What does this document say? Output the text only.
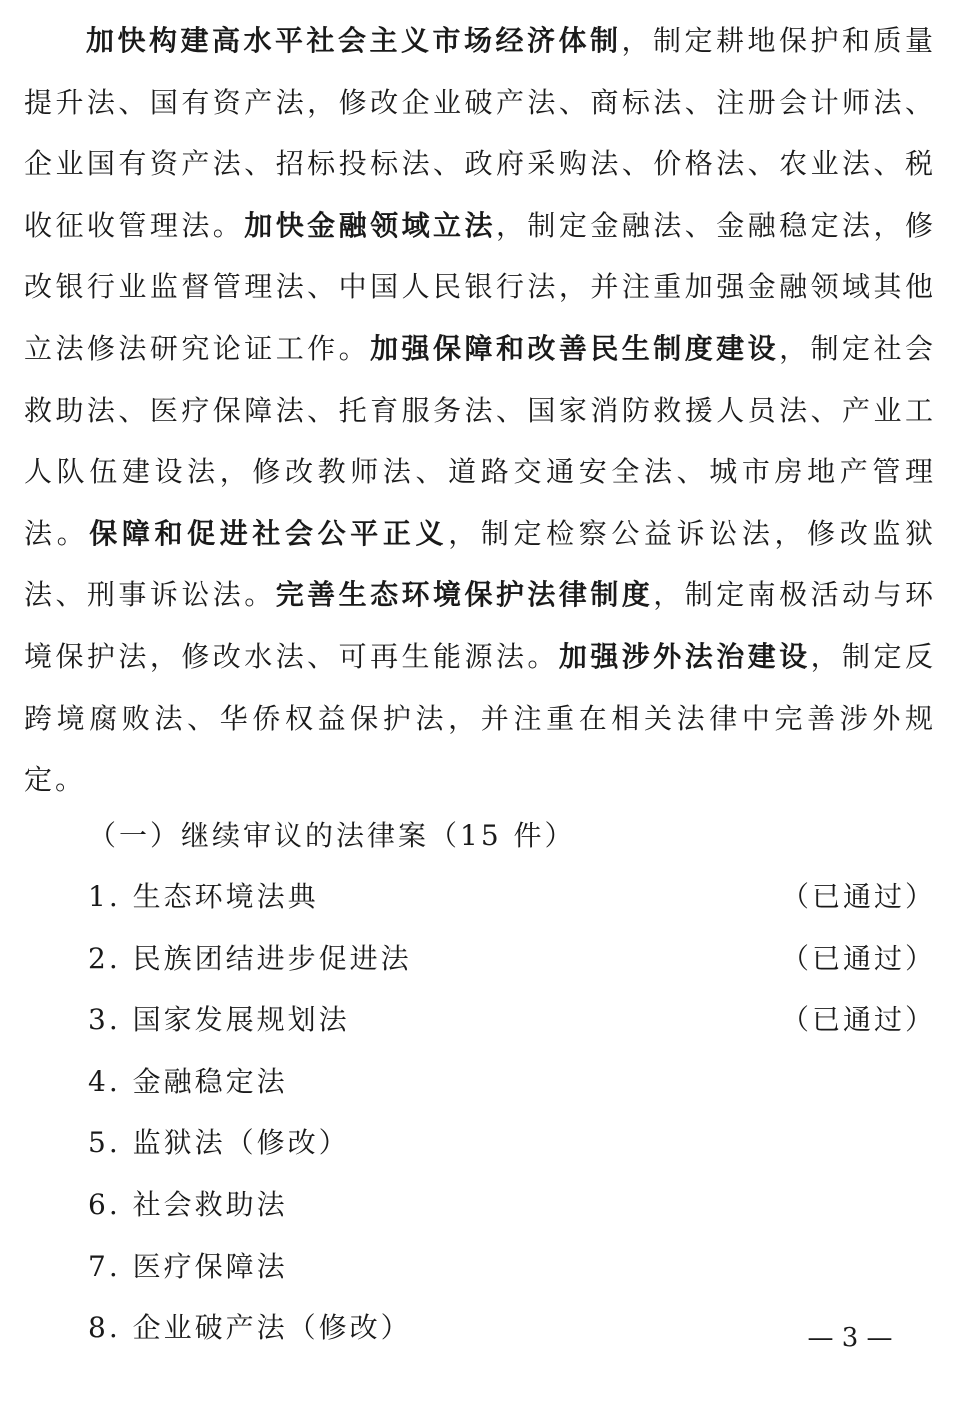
加快构建高水平社会主义市场经济体制，制定耕地保护和质量提升法、国有资产法，修改企业破产法、商标法、注册会计师法、企业国有资产法、招标投标法、政府采购法、价格法、农业法、税收征收管理法。加快金融领域立法，制定金融法、金融稳定法，修改银行业监督管理法、中国人民银行法，并注重加强金融领域其他立法修法研究论证工作。加强保障和改善民生制度建设，制定社会救助法、医疗保障法、托育服务法、国家消防救援人员法、产业工人队伍建设法，修改教师法、道路交通安全法、城市房地产管理法。保障和促进社会公平正义，制定检察公益诉讼法，修改监狱法、刑事诉讼法。完善生态环境保护法律制度，制定南极活动与环境保护法，修改水法、可再生能源法。加强涉外法治建设，制定反跨境腐败法、华侨权益保护法，并注重在相关法律中完善涉外规定。

（一）继续审议的法律案（15 件）

1. 生态环境法典	（已通过）
2. 民族团结进步促进法	（已通过）
3. 国家发展规划法	（已通过）
4. 金融稳定法
5. 监狱法（修改）
6. 社会救助法
7. 医疗保障法
8. 企业破产法（修改）	— 3 —
